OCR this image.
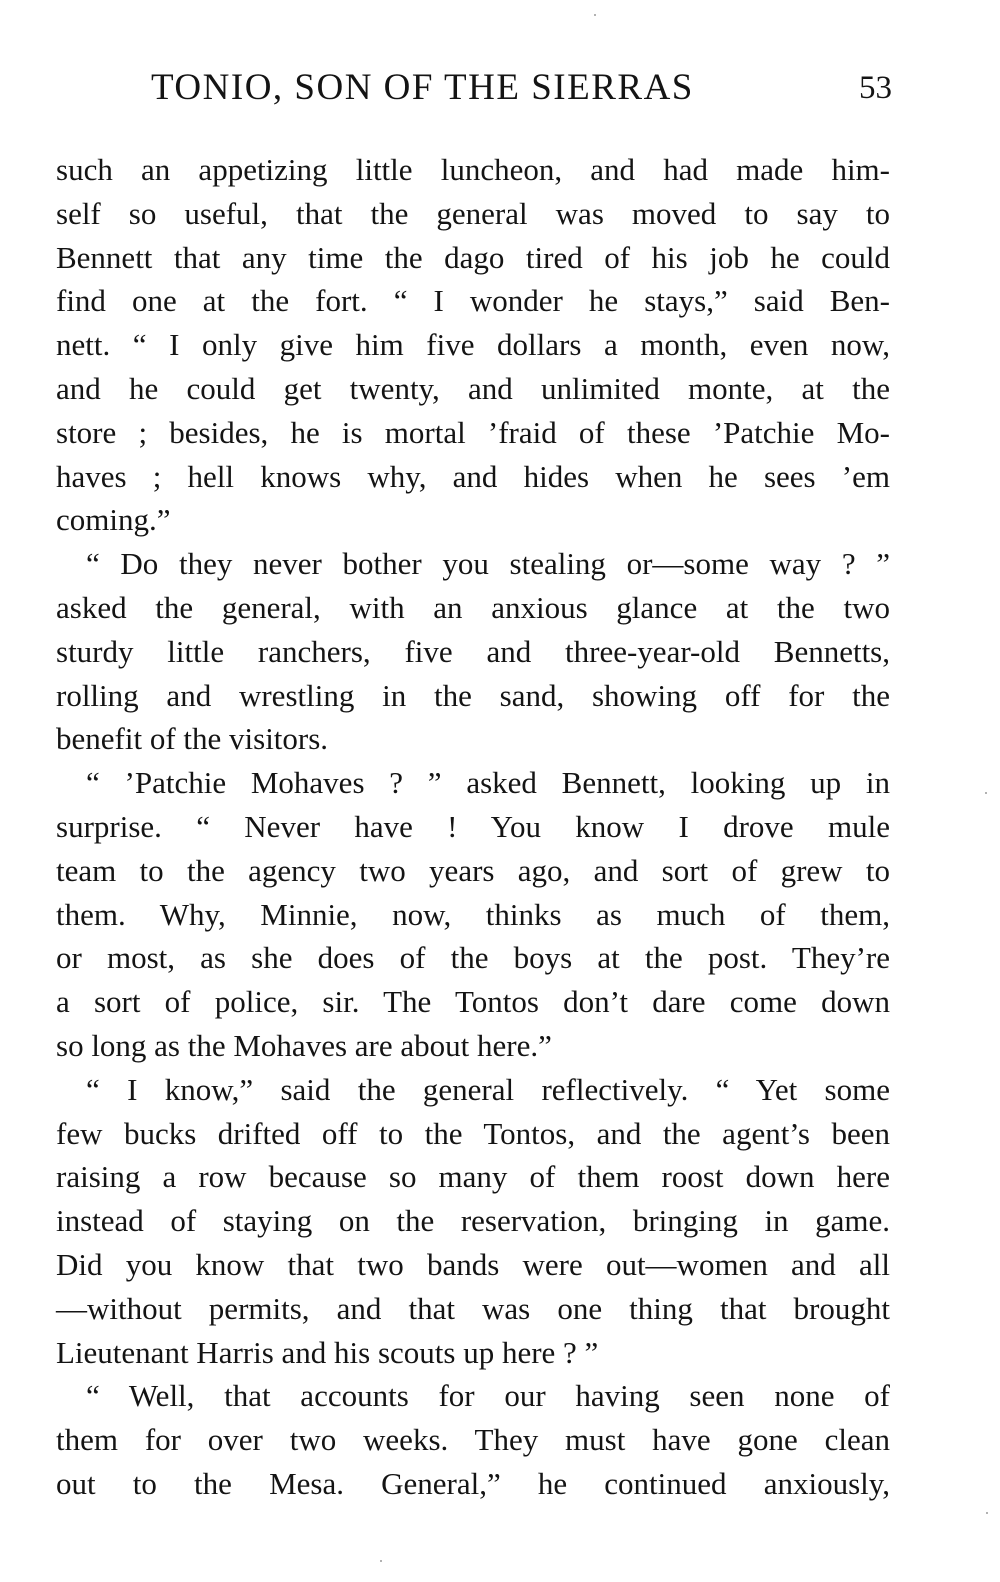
TONIO, SON OF THE SIERRAS	53
such an appetizing little luncheon, and had made him-
self so useful, that the general was moved to say to
Bennett that any time the dago tired of his job he could
find one at the fort. “ I wonder he stays,” said Ben-
nett. “ I only give him five dollars a month, even now,
and he could get twenty, and unlimited monte, at the
store ; besides, he is mortal ’fraid of these ’Patchie Mo-
haves ; hell knows why, and hides when he sees ’em
coming.”
“ Do they never bother you stealing or—some way ? ”
asked the general, with an anxious glance at the two
sturdy little ranchers, five and three-year-old Bennetts,
rolling and wrestling in the sand, showing off for the
benefit of the visitors.
“ ’Patchie Mohaves ? ” asked Bennett, looking up in
surprise. “ Never have ! You know I drove mule
team to the agency two years ago, and sort of grew to
them. Why, Minnie, now, thinks as much of them,
or most, as she does of the boys at the post. They’re
a sort of police, sir. The Tontos don’t dare come down
so long as the Mohaves are about here.”
“ I know,” said the general reflectively. “ Yet some
few bucks drifted off to the Tontos, and the agent’s been
raising a row because so many of them roost down here
instead of staying on the reservation, bringing in game.
Did you know that two bands were out—women and all
—without permits, and that was one thing that brought
Lieutenant Harris and his scouts up here ? ”
“ Well, that accounts for our having seen none of
them for over two weeks. They must have gone clean
out to the Mesa. General,” he continued anxiously,
